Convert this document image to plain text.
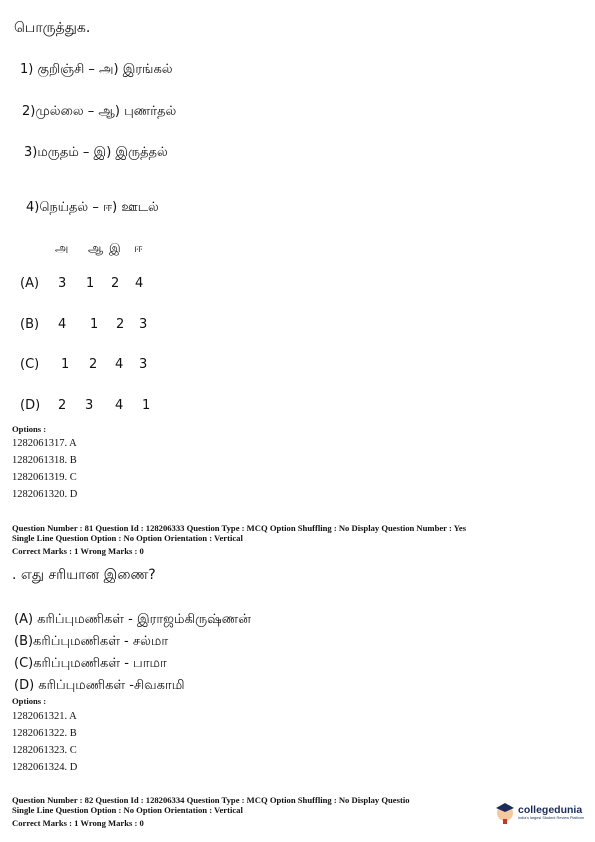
பொருத்துக.
1) குறிஞ்சி – அ) இரங்கல்
2)முல்லை – ஆ) புணர்தல்
3)மருதம் – இ) இருத்தல்
4)நெய்தல் – ஈ) ஊடல்
அ ஆ இ ஈ
(A) 3 1 2 4
(B) 4 1 2 3
(C) 1 2 4 3
(D) 2 3 4 1
Options :
1282061317. A
1282061318. B
1282061319. C
1282061320. D
Question Number : 81 Question Id : 128206333 Question Type : MCQ Option Shuffling : No Display Question Number : Yes
Single Line Question Option : No Option Orientation : Vertical
Correct Marks : 1 Wrong Marks : 0
. எது சரியான இணை?
(A) கரிப்புமணிகள் - இராஜம்கிருஷ்ணன்
(B)கரிப்புமணிகள் - சல்மா
(C)கரிப்புமணிகள் - பாமா
(D) கரிப்புமணிகள் -சிவகாமி
Options :
1282061321. A
1282061322. B
1282061323. C
1282061324. D
Question Number : 82 Question Id : 128206334 Question Type : MCQ Option Shuffling : No Display Questio
Single Line Question Option : No Option Orientation : Vertical
Correct Marks : 1 Wrong Marks : 0
collegedunia
India's largest Student Review Platform
